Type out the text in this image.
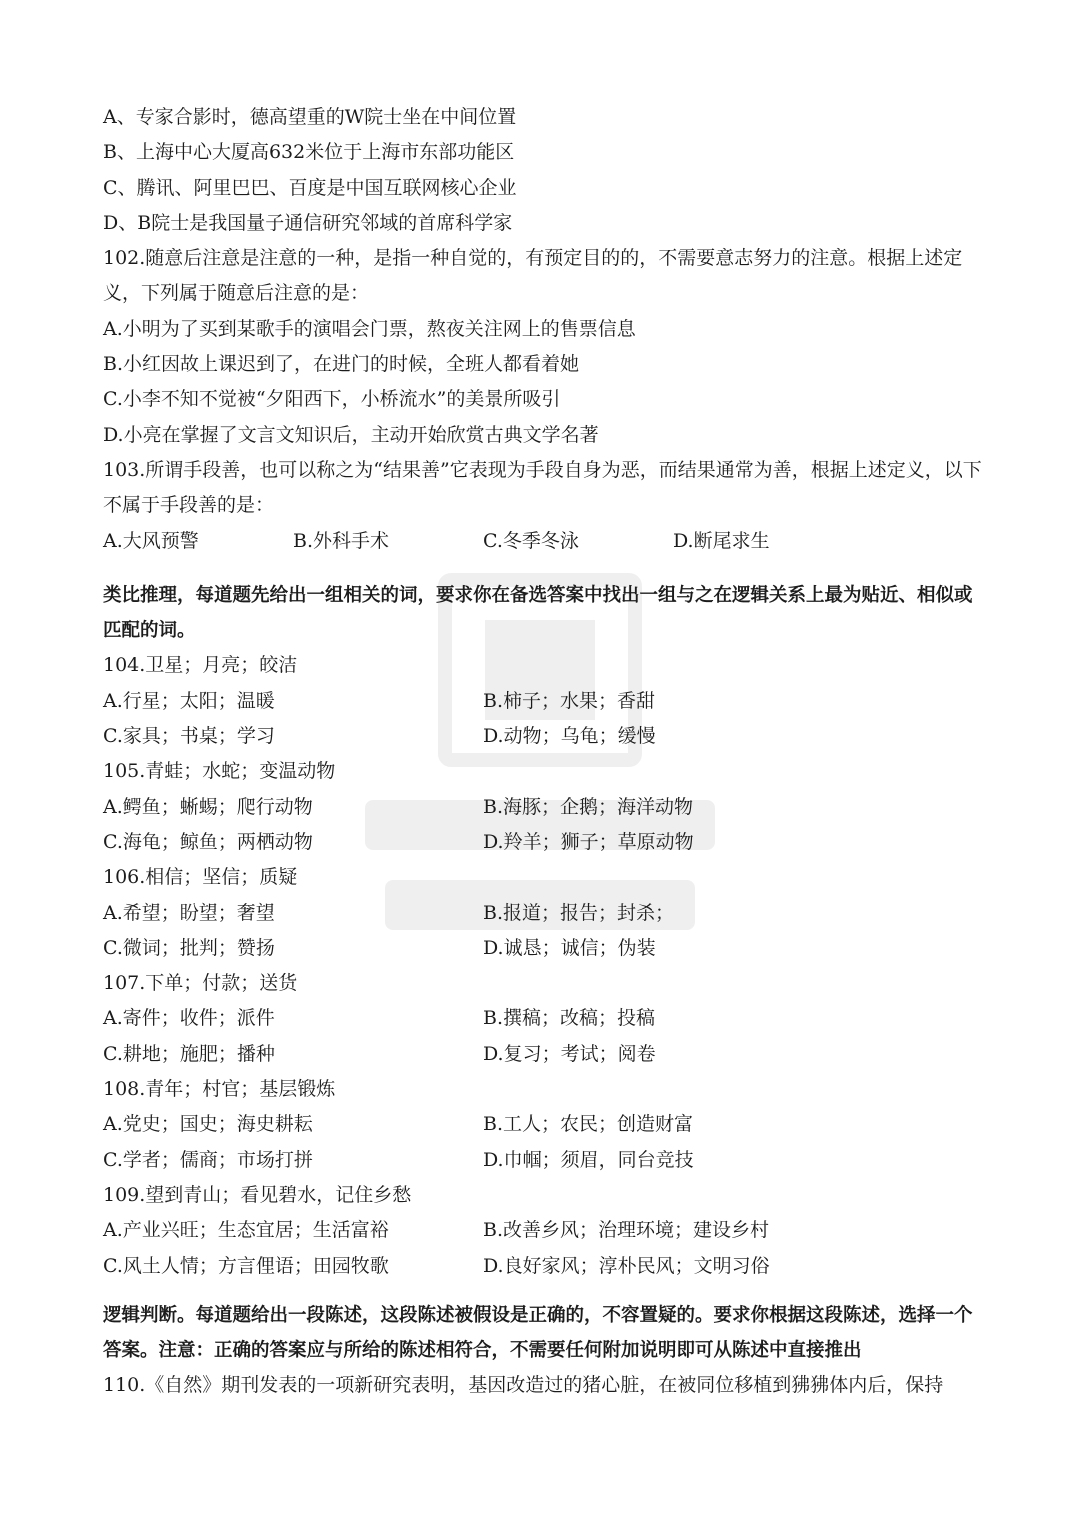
A、专家合影时，德高望重的W院士坐在中间位置
B、上海中心大厦高632米位于上海市东部功能区
C、腾讯、阿里巴巴、百度是中国互联网核心企业
D、B院士是我国量子通信研究邻域的首席科学家
102.随意后注意是注意的一种，是指一种自觉的，有预定目的的，不需要意志努力的注意。根据上述定义，下列属于随意后注意的是：
A.小明为了买到某歌手的演唱会门票，熬夜关注网上的售票信息
B.小红因故上课迟到了，在进门的时候，全班人都看着她
C.小李不知不觉被“夕阳西下，小桥流水”的美景所吸引
D.小亮在掌握了文言文知识后，主动开始欣赏古典文学名著
103.所谓手段善，也可以称之为“结果善”它表现为手段自身为恶，而结果通常为善，根据上述定义，以下不属于手段善的是：
A.大风预警	B.外科手术	C.冬季冬泳	D.断尾求生
类比推理，每道题先给出一组相关的词，要求你在备选答案中找出一组与之在逻辑关系上最为贴近、相似或匹配的词。
104.卫星；月亮；皎洁
A.行星；太阳；温暖	B.柿子；水果；香甜
C.家具；书桌；学习	D.动物；乌龟；缓慢
105.青蛙；水蛇；变温动物
A.鳄鱼；蜥蜴；爬行动物	B.海豚；企鹅；海洋动物
C.海龟；鲸鱼；两栖动物	D.羚羊；狮子；草原动物
106.相信；坚信；质疑
A.希望；盼望；奢望	B.报道；报告；封杀；
C.微词；批判；赞扬	D.诚恳；诚信；伪装
107.下单；付款；送货
A.寄件；收件；派件	B.撰稿；改稿；投稿
C.耕地；施肥；播种	D.复习；考试；阅卷
108.青年；村官；基层锻炼
A.党史；国史；海史耕耘	B.工人；农民；创造财富
C.学者；儒商；市场打拼	D.巾帼；须眉，同台竞技
109.望到青山；看见碧水，记住乡愁
A.产业兴旺；生态宜居；生活富裕	B.改善乡风；治理环境；建设乡村
C.风土人情；方言俚语；田园牧歌	D.良好家风；淳朴民风；文明习俗
逻辑判断。每道题给出一段陈述，这段陈述被假设是正确的，不容置疑的。要求你根据这段陈述，选择一个答案。注意：正确的答案应与所给的陈述相符合，不需要任何附加说明即可从陈述中直接推出
110.《自然》期刊发表的一项新研究表明，基因改造过的猪心脏，在被同位移植到狒狒体内后，保持
